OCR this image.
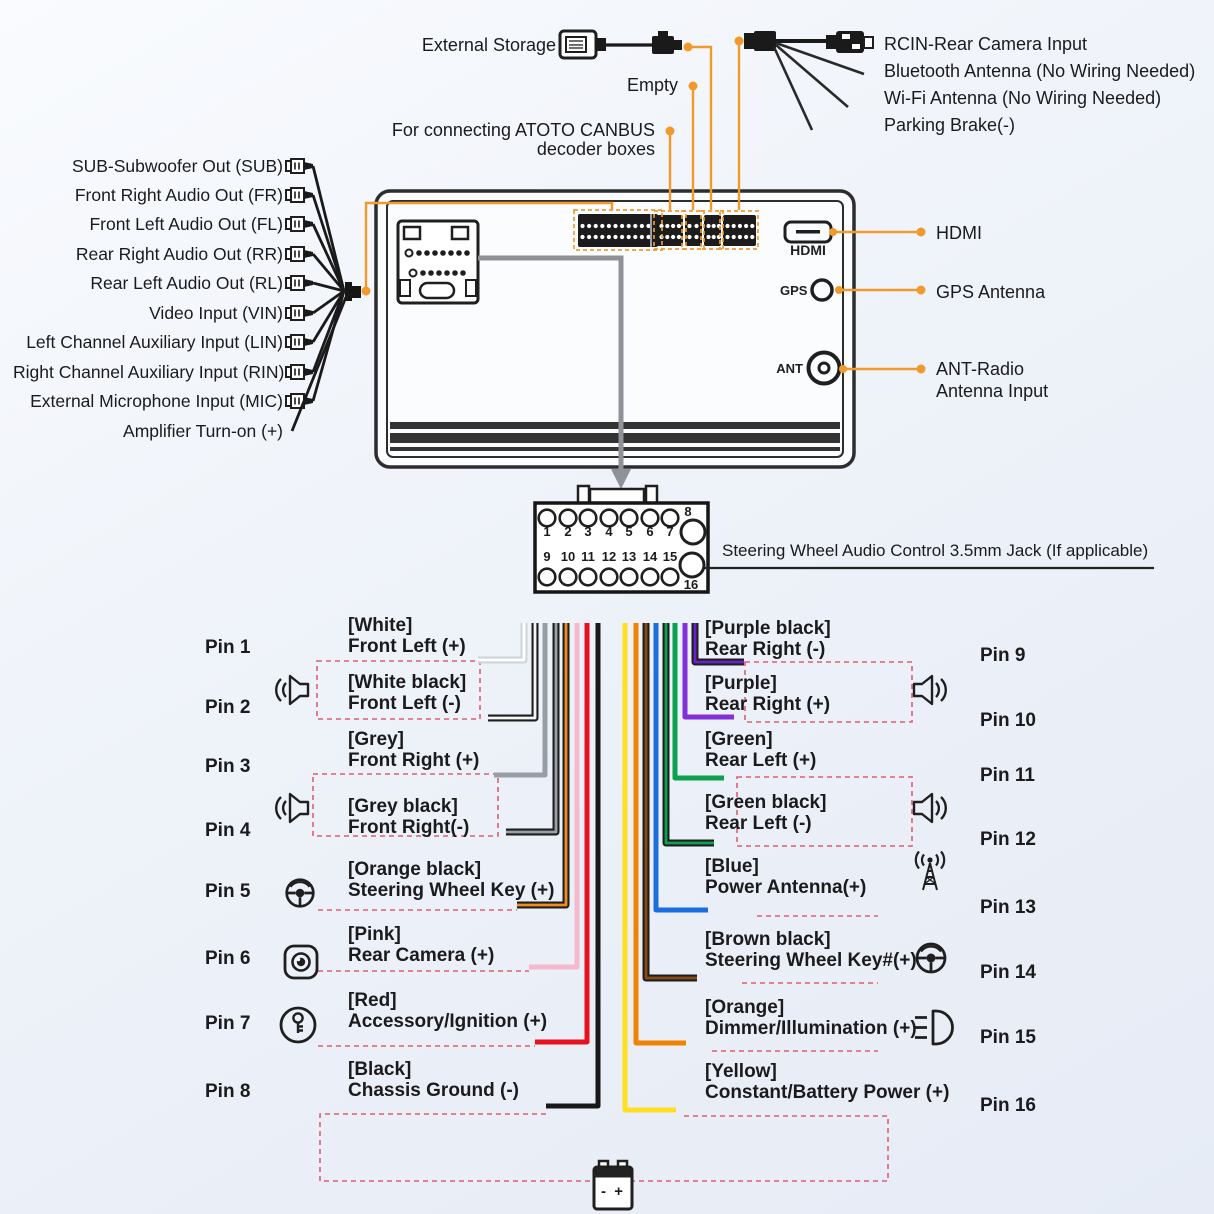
External Storage
Empty
For connecting ATOTO CANBUS
decoder boxes
HDMI
GPS
ANT
HDMI
GPS Antenna
ANT-Radio
Antenna Input
Steering Wheel Audio Control 3.5mm Jack (If applicable)
- +
SUB-Subwoofer Out (SUB)
Front Right Audio Out (FR)
Front Left Audio Out (FL)
Rear Right Audio Out (RR)
Rear Left Audio Out (RL)
Video Input (VIN)
Left Channel Auxiliary Input (LIN)
Right Channel Auxiliary Input (RIN)
External Microphone Input (MIC)
Amplifier Turn-on (+)
RCIN-Rear Camera Input
Bluetooth Antenna (No Wiring Needed)
Wi-Fi Antenna (No Wiring Needed)
Parking Brake(-)
1 2 3 4 5 6 7
9 10 11 12 13 14 15
8
16
Pin 1
[White]
Front Left (+)
Pin 2
[White black]
Front Left (-)
Pin 3
[Grey]
Front Right (+)
Pin 4
[Grey black]
Front Right(-)
Pin 5
[Orange black]
Steering Wheel Key (+)
Pin 6
[Pink]
Rear Camera (+)
Pin 7
[Red]
Accessory/Ignition (+)
Pin 8
[Black]
Chassis Ground (-)
Pin 9
[Purple black]
Rear Right (-)
Pin 10
[Purple]
Rear Right (+)
Pin 11
[Green]
Rear Left (+)
Pin 12
[Green black]
Rear Left (-)
Pin 13
[Blue]
Power Antenna(+)
Pin 14
[Brown black]
Steering Wheel Key#(+)
Pin 15
[Orange]
Dimmer/Illumination (+)
Pin 16
[Yellow]
Constant/Battery Power (+)
